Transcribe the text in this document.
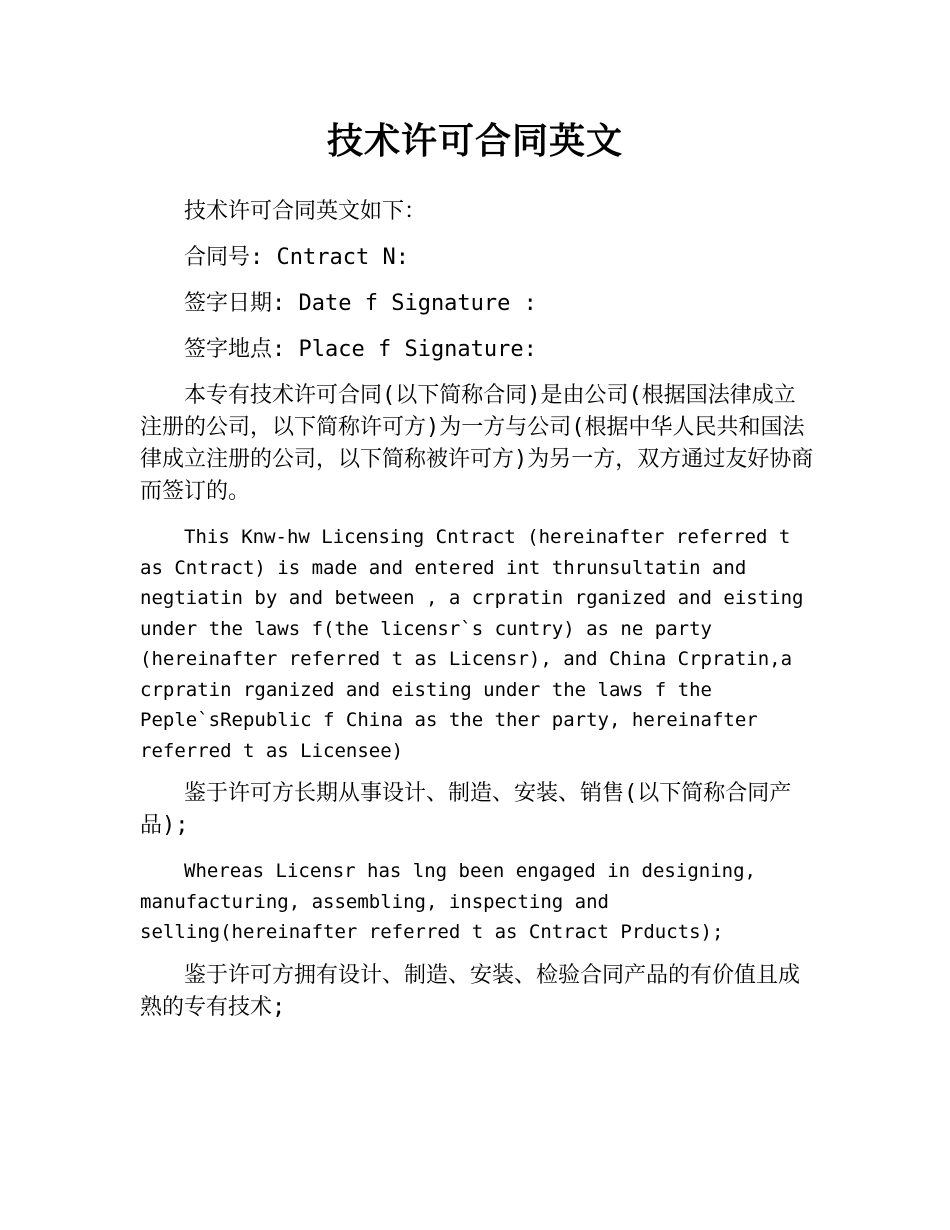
技术许可合同英文

技术许可合同英文如下：

合同号: Cntract N:

签字日期: Date f Signature :

签字地点: Place f Signature:

本专有技术许可合同(以下简称合同)是由公司(根据国法律成立注册的公司，以下简称许可方)为一方与公司(根据中华人民共和国法律成立注册的公司，以下简称被许可方)为另一方，双方通过友好协商而签订的。

This Knw-hw Licensing Cntract (hereinafter referred t as Cntract) is made and entered int thrunsultatin and negtiatin by and between , a crpratin rganized and eisting under the laws f(the licensr`s cuntry) as ne party (hereinafter referred t as Licensr), and China Crpratin,a crpratin rganized and eisting under the laws f the Peple`sRepublic f China as the ther party, hereinafter referred t as Licensee)

鉴于许可方长期从事设计、制造、安装、销售(以下简称合同产品);

Whereas Licensr has lng been engaged in designing, manufacturing, assembling, inspecting and selling(hereinafter referred t as Cntract Prducts);

鉴于许可方拥有设计、制造、安装、检验合同产品的有价值且成熟的专有技术;
